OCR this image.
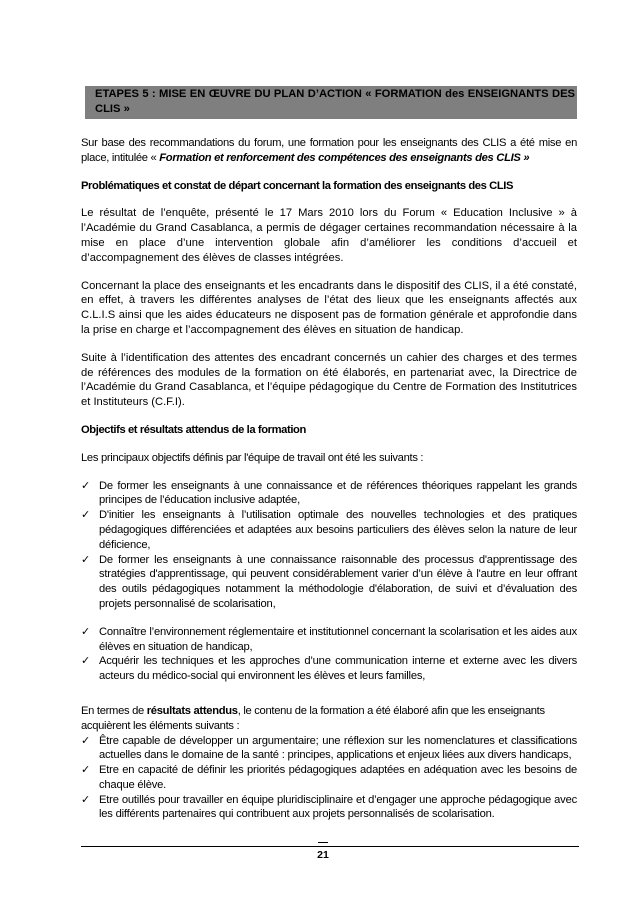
ETAPES 5 : MISE EN ŒUVRE DU PLAN D’ACTION « FORMATION des ENSEIGNANTS DES CLIS »

Sur base des recommandations du forum, une formation pour les enseignants des CLIS a été mise en place, intitulée « Formation et renforcement des compétences des enseignants des CLIS »

Problématiques et constat de départ concernant la formation des enseignants des CLIS

Le résultat de l’enquête, présenté le 17 Mars 2010 lors du Forum « Education Inclusive » à l’Académie du Grand Casablanca, a permis de dégager certaines recommandation nécessaire à la mise en place d’une intervention globale afin d’améliorer les conditions d’accueil et d’accompagnement des élèves de classes intégrées.

Concernant la place des enseignants et les encadrants dans le dispositif des CLIS, il a été constaté, en effet, à travers les différentes analyses de l’état des lieux que les enseignants affectés aux C.L.I.S ainsi que les aides éducateurs ne disposent pas de formation générale et approfondie dans la prise en charge et l’accompagnement des élèves en situation de handicap.

Suite à l’identification des attentes des encadrant concernés un cahier des charges et des termes de références des modules de la formation on été élaborés, en partenariat avec, la Directrice de l’Académie du Grand Casablanca, et l’équipe pédagogique du Centre de Formation des Institutrices et Instituteurs (C.F.I).

Objectifs et résultats attendus de la formation

Les principaux objectifs définis par l'équipe de travail ont été les suivants :

✓ De former les enseignants à une connaissance et de références théoriques rappelant les grands principes de l’éducation inclusive adaptée,
✓ D'initier les enseignants à l’utilisation optimale des nouvelles technologies et des pratiques pédagogiques différenciées et adaptées aux besoins particuliers des élèves selon la nature de leur déficience,
✓ De former les enseignants à une connaissance raisonnable des processus d'apprentissage des stratégies d'apprentissage, qui peuvent considérablement varier d’un élève à l'autre en leur offrant des outils pédagogiques notamment la méthodologie d'élaboration, de suivi et d’évaluation des projets personnalisé de scolarisation,
✓ Connaître l’environnement réglementaire et institutionnel concernant la scolarisation et les aides aux élèves en situation de handicap,
✓ Acquérir les techniques et les approches d’une communication interne et externe avec les divers acteurs du médico-social qui environnent les élèves et leurs familles,
En termes de résultats attendus, le contenu de la formation a été élaboré afin que les enseignants acquièrent les éléments suivants :
✓ Être capable de développer un argumentaire; une réflexion sur les nomenclatures et classifications actuelles dans le domaine de la santé : principes, applications et enjeux liées aux divers handicaps,
✓ Etre en capacité de définir les priorités pédagogiques adaptées en adéquation avec les besoins de chaque élève.
✓ Etre outillés pour travailler en équipe pluridisciplinaire et d’engager une approche pédagogique avec les différents partenaires qui contribuent aux projets personnalisés de scolarisation.
21
